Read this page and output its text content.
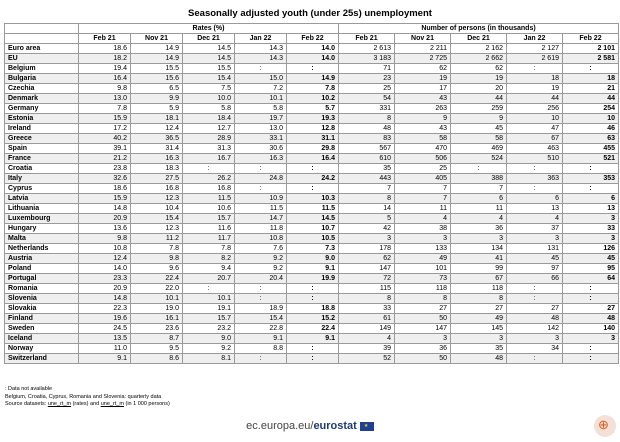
Seasonally adjusted youth (under 25s) unemployment
	Rates (%)					Number of persons (in thousands)				
	Feb 21	Nov 21	Dec 21	Jan 22	Feb 22	Feb 21	Nov 21	Dec 21	Jan 22	Feb 22
Euro area	18.6	14.9	14.5	14.3	14.0	2 613	2 211	2 162	2 127	2 101
EU	18.2	14.9	14.5	14.3	14.0	3 183	2 725	2 662	2 619	2 581
Belgium	19.4	15.5	15.5	:	:	71	62	62	:	:
Bulgaria	16.4	15.6	15.4	15.0	14.9	23	19	19	18	18
Czechia	9.8	6.5	7.5	7.2	7.8	25	17	20	19	21
Denmark	13.0	9.9	10.0	10.1	10.2	54	43	44	44	44
Germany	7.8	5.9	5.8	5.8	5.7	331	263	259	256	254
Estonia	15.9	18.1	18.4	19.7	19.3	8	9	9	10	10
Ireland	17.2	12.4	12.7	13.0	12.8	48	43	45	47	46
Greece	40.2	36.5	28.9	33.1	31.1	83	58	58	67	63
Spain	39.1	31.4	31.3	30.6	29.8	567	470	469	463	455
France	21.2	16.3	16.7	16.3	16.4	610	506	524	510	521
Croatia	23.8	18.3	:	:	:	35	25	:	:	:
Italy	32.6	27.5	26.2	24.8	24.2	443	405	388	363	353
Cyprus	18.6	16.8	16.8	:	:	7	7	7	:	:
Latvia	15.9	12.3	11.5	10.9	10.3	8	7	6	6	6
Lithuania	14.8	10.4	10.6	11.5	11.5	14	11	11	13	13
Luxembourg	20.9	15.4	15.7	14.7	14.5	5	4	4	4	3
Hungary	13.6	12.3	11.6	11.8	10.7	42	38	36	37	33
Malta	9.8	11.2	11.7	10.8	10.5	3	3	3	3	3
Netherlands	10.8	7.8	7.8	7.6	7.3	178	133	134	131	126
Austria	12.4	9.8	8.2	9.2	9.0	62	49	41	45	45
Poland	14.0	9.6	9.4	9.2	9.1	147	101	99	97	95
Portugal	23.3	22.4	20.7	20.4	19.9	72	73	67	66	64
Romania	20.9	22.0	:	:	:	115	118	118	:	:
Slovenia	14.8	10.1	10.1	:	:	8	8	8	:	:
Slovakia	22.3	19.0	19.1	18.9	18.8	33	27	27	27	27
Finland	19.6	16.1	15.7	15.4	15.2	61	50	49	48	48
Sweden	24.5	23.6	23.2	22.8	22.4	149	147	145	142	140
Iceland	13.5	8.7	9.0	9.1	9.1	4	3	3	3	3
Norway	11.0	9.5	9.2	8.8	:	39	36	35	34	:
Switzerland	9.1	8.6	8.1	:	:	52	50	48	:	:
: Data not available
Belgium, Croatia, Cyprus, Romania and Slovenia: quarterly data
Source datasets: une_rt_m (rates) and une_rt_m (in 1 000 persons)
ec.europa.eu/eurostat ★	⊕
